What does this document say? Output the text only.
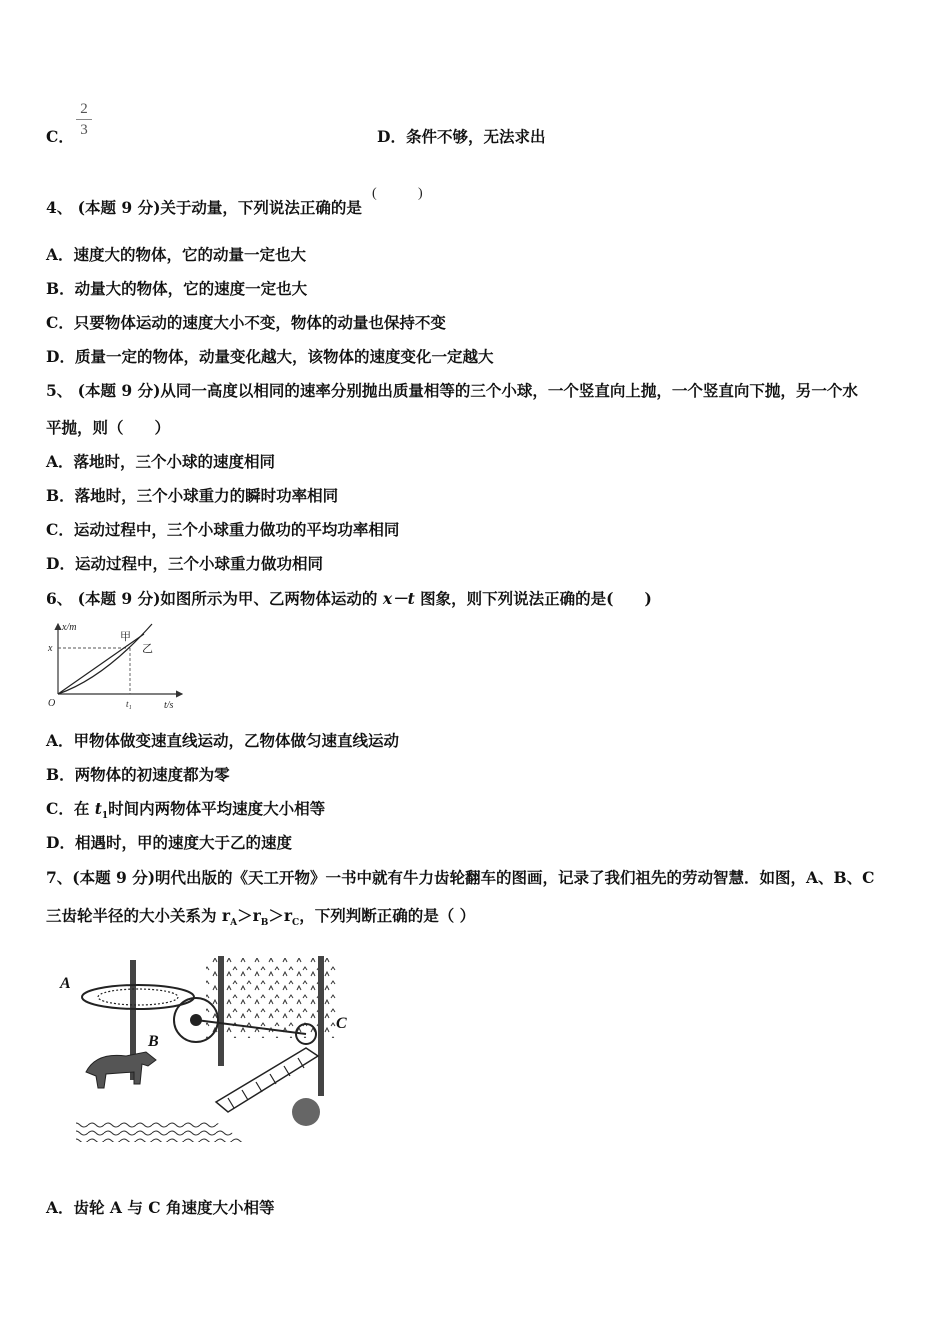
C．
2
3	D．条件不够，无法求出
4、 (本题 9 分)关于动量，下列说法正确的是
(	)
A．速度大的物体，它的动量一定也大
B．动量大的物体，它的速度一定也大
C．只要物体运动的速度大小不变，物体的动量也保持不变
D．质量一定的物体，动量变化越大，该物体的速度变化一定越大
5、 (本题 9 分)从同一高度以相同的速率分别抛出质量相等的三个小球，一个竖直向上抛，一个竖直向下抛，另一个水
平抛，则（　　）
A．落地时，三个小球的速度相同
B．落地时，三个小球重力的瞬时功率相同
C．运动过程中，三个小球重力做功的平均功率相同
D．运动过程中，三个小球重力做功相同
6、 (本题 9 分)如图所示为甲、乙两物体运动的 x－t 图象，则下列说法正确的是(　　)
x/m
t/s
O
x
t₁
甲
乙
A．甲物体做变速直线运动，乙物体做匀速直线运动
B．两物体的初速度都为零
C．在 $t_1$时间内两物体平均速度大小相等
D．相遇时，甲的速度大于乙的速度
7、(本题 9 分)明代出版的《天工开物》一书中就有牛力齿轮翻车的图画，记录了我们祖先的劳动智慧．如图，A、B、C
三齿轮半径的大小关系为 $r_A>r_B>r_C$，下列判断正确的是（ ）
A
B
C
A．齿轮 A 与 C 角速度大小相等
